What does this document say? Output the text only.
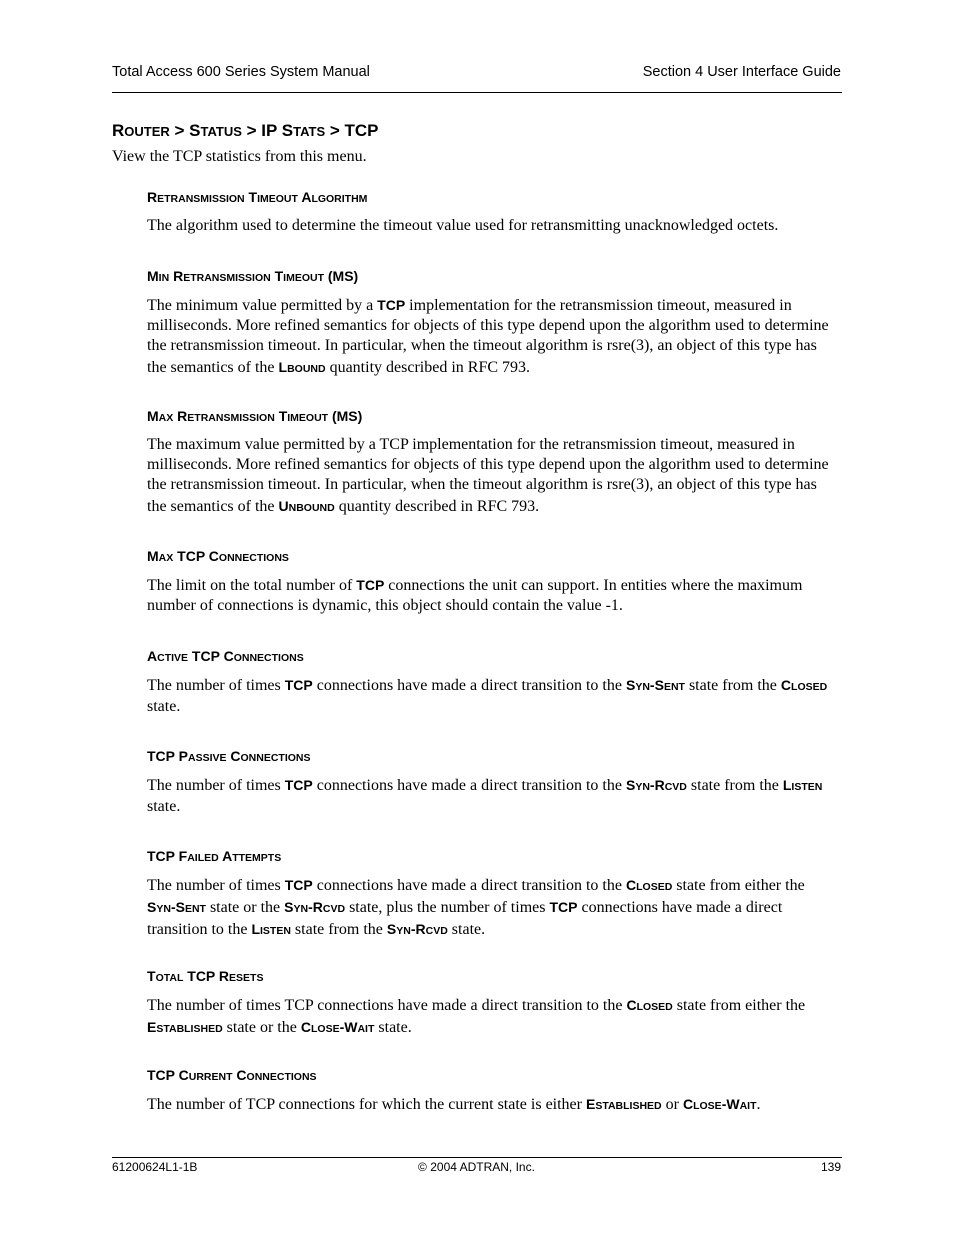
Total Access 600 Series System Manual	Section 4 User Interface Guide
ROUTER > STATUS > IP STATS > TCP
View the TCP statistics from this menu.
RETRANSMISSION TIMEOUT ALGORITHM

The algorithm used to determine the timeout value used for retransmitting unacknowledged octets.

MIN RETRANSMISSION TIMEOUT (MS)

The minimum value permitted by a TCP implementation for the retransmission timeout, measured in milliseconds. More refined semantics for objects of this type depend upon the algorithm used to determine the retransmission timeout. In particular, when the timeout algorithm is rsre(3), an object of this type has the semantics of the LBOUND quantity described in RFC 793.

MAX RETRANSMISSION TIMEOUT (MS)

The maximum value permitted by a TCP implementation for the retransmission timeout, measured in milliseconds. More refined semantics for objects of this type depend upon the algorithm used to determine the retransmission timeout. In particular, when the timeout algorithm is rsre(3), an object of this type has the semantics of the UNBOUND quantity described in RFC 793.

MAX TCP CONNECTIONS

The limit on the total number of TCP connections the unit can support. In entities where the maximum number of connections is dynamic, this object should contain the value -1.

ACTIVE TCP CONNECTIONS

The number of times TCP connections have made a direct transition to the SYN-SENT state from the CLOSED state.

TCP PASSIVE CONNECTIONS

The number of times TCP connections have made a direct transition to the SYN-RCVD state from the LISTEN state.

TCP FAILED ATTEMPTS

The number of times TCP connections have made a direct transition to the CLOSED state from either the SYN-SENT state or the SYN-RCVD state, plus the number of times TCP connections have made a direct transition to the LISTEN state from the SYN-RCVD state.

TOTAL TCP RESETS

The number of times TCP connections have made a direct transition to the CLOSED state from either the ESTABLISHED state or the CLOSE-WAIT state.

TCP CURRENT CONNECTIONS

The number of TCP connections for which the current state is either ESTABLISHED or CLOSE-WAIT.

61200624L1-1B	© 2004 ADTRAN, Inc.	139
